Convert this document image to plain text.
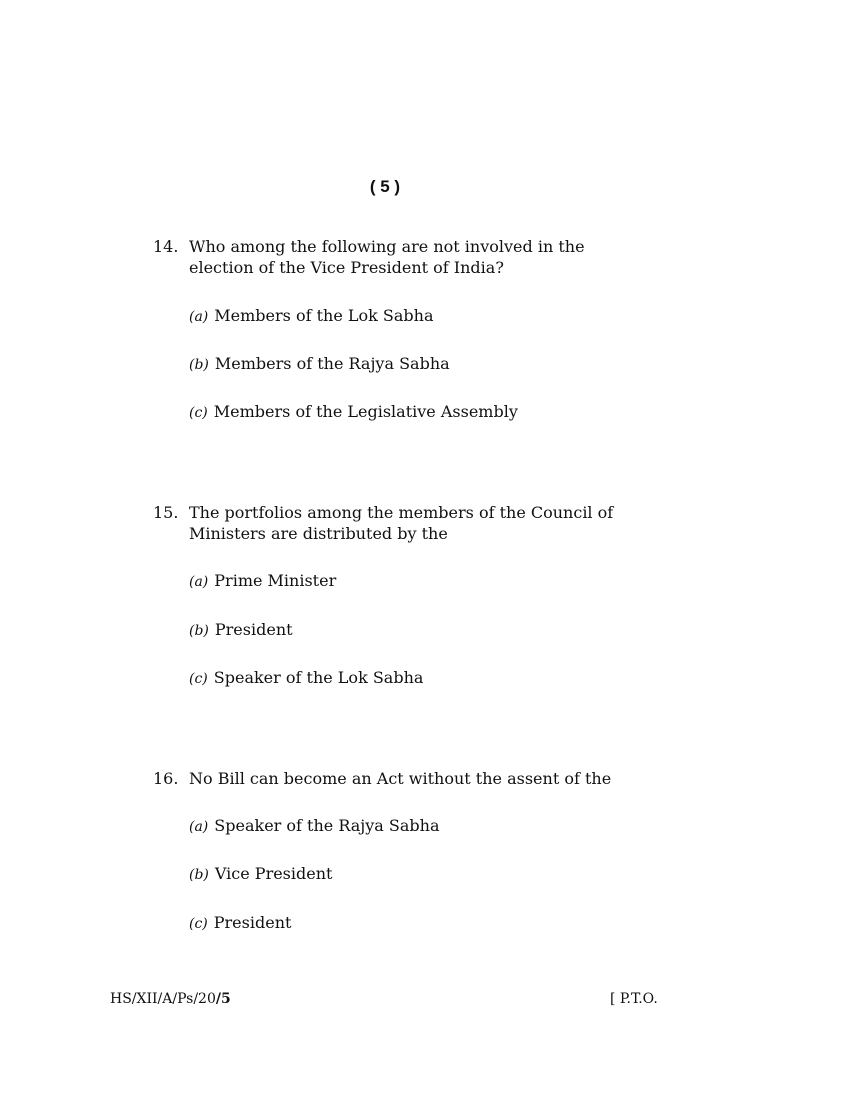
( 5 )
14. Who among the following are not involved in the election of the Vice President of India?
(a) Members of the Lok Sabha
(b) Members of the Rajya Sabha
(c) Members of the Legislative Assembly
15. The portfolios among the members of the Council of Ministers are distributed by the
(a) Prime Minister
(b) President
(c) Speaker of the Lok Sabha
16. No Bill can become an Act without the assent of the
(a) Speaker of the Rajya Sabha
(b) Vice President
(c) President
HS/XII/A/Ps/20/5	[ P.T.O.
